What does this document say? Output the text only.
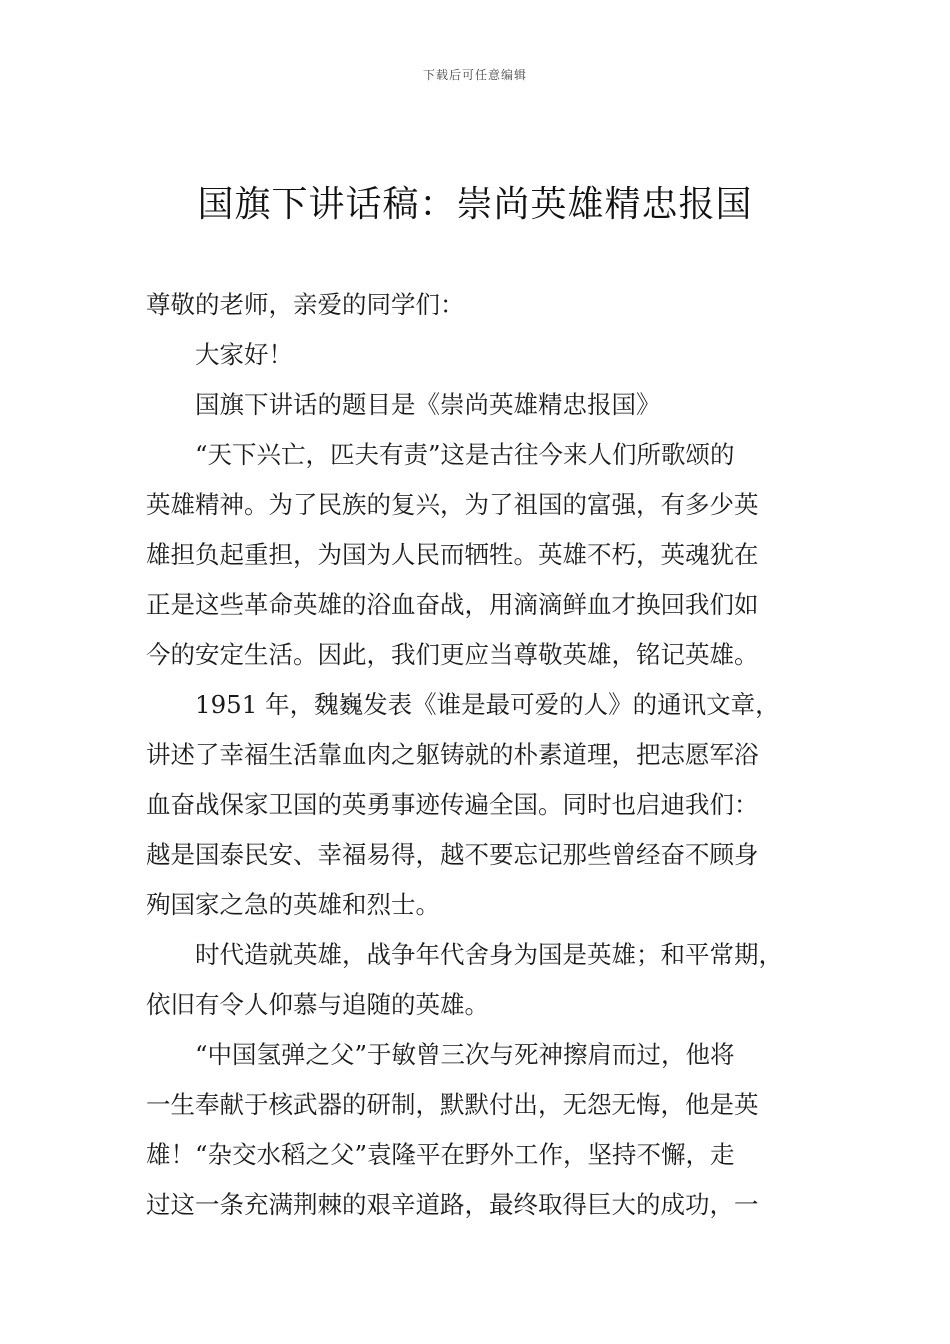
下载后可任意编辑
国旗下讲话稿：崇尚英雄精忠报国

尊敬的老师，亲爱的同学们：

大家好！

国旗下讲话的题目是《崇尚英雄精忠报国》

“天下兴亡，匹夫有责”这是古往今来人们所歌颂的

英雄精神。为了民族的复兴，为了祖国的富强，有多少英

雄担负起重担，为国为人民而牺牲。英雄不朽，英魂犹在

正是这些革命英雄的浴血奋战，用滴滴鲜血才换回我们如

今的安定生活。因此，我们更应当尊敬英雄，铭记英雄。

1951 年，魏巍发表《谁是最可爱的人》的通讯文章，

讲述了幸福生活靠血肉之躯铸就的朴素道理，把志愿军浴

血奋战保家卫国的英勇事迹传遍全国。同时也启迪我们：

越是国泰民安、幸福易得，越不要忘记那些曾经奋不顾身

殉国家之急的英雄和烈士。

时代造就英雄，战争年代舍身为国是英雄；和平常期，

依旧有令人仰慕与追随的英雄。

“中国氢弹之父”于敏曾三次与死神擦肩而过，他将

一生奉献于核武器的研制，默默付出，无怨无悔，他是英

雄！“杂交水稻之父”袁隆平在野外工作，坚持不懈，走

过这一条充满荆棘的艰辛道路，最终取得巨大的成功，一
